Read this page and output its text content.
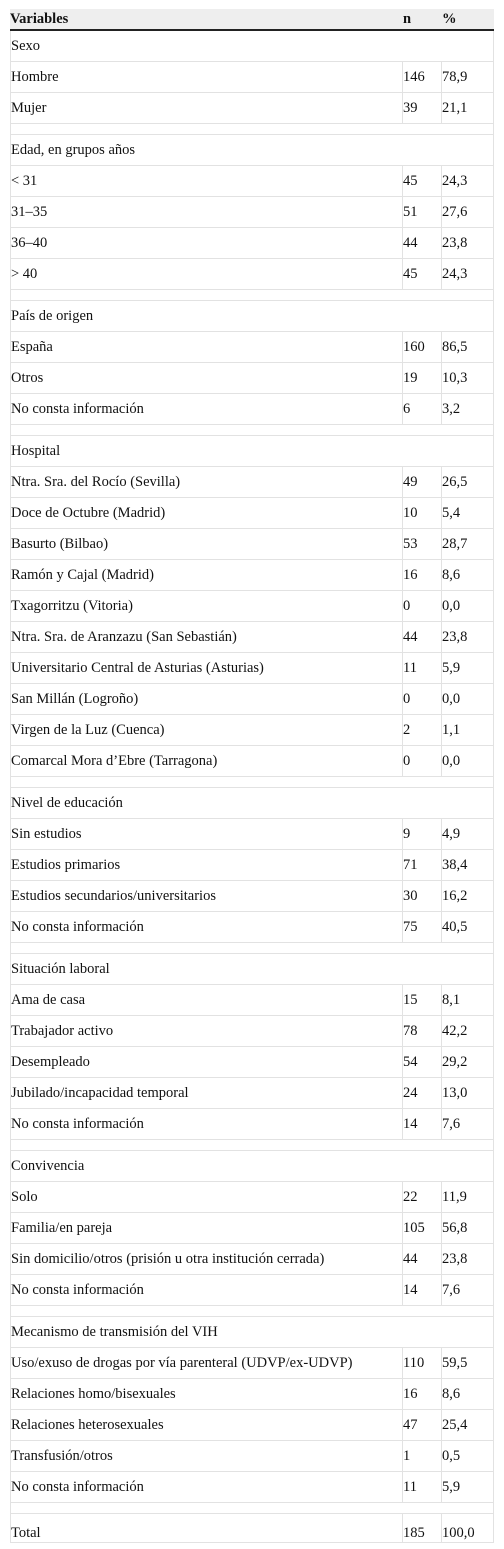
Variables	n	%
Sexo		
Hombre	146	78,9
Mujer	39	21,1

Edad, en grupos años		
< 31	45	24,3
31–35	51	27,6
36–40	44	23,8
> 40	45	24,3

País de origen		
España	160	86,5
Otros	19	10,3
No consta información	6	3,2

Hospital		
Ntra. Sra. del Rocío (Sevilla)	49	26,5
Doce de Octubre (Madrid)	10	5,4
Basurto (Bilbao)	53	28,7
Ramón y Cajal (Madrid)	16	8,6
Txagorritzu (Vitoria)	0	0,0
Ntra. Sra. de Aranzazu (San Sebastián)	44	23,8
Universitario Central de Asturias (Asturias)	11	5,9
San Millán (Logroño)	0	0,0
Virgen de la Luz (Cuenca)	2	1,1
Comarcal Mora d’Ebre (Tarragona)	0	0,0

Nivel de educación		
Sin estudios	9	4,9
Estudios primarios	71	38,4
Estudios secundarios/universitarios	30	16,2
No consta información	75	40,5

Situación laboral		
Ama de casa	15	8,1
Trabajador activo	78	42,2
Desempleado	54	29,2
Jubilado/incapacidad temporal	24	13,0
No consta información	14	7,6

Convivencia		
Solo	22	11,9
Familia/en pareja	105	56,8
Sin domicilio/otros (prisión u otra institución cerrada)	44	23,8
No consta información	14	7,6

Mecanismo de transmisión del VIH		
Uso/exuso de drogas por vía parenteral (UDVP/ex-UDVP)	110	59,5
Relaciones homo/bisexuales	16	8,6
Relaciones heterosexuales	47	25,4
Transfusión/otros	1	0,5
No consta información	11	5,9

Total	185	100,0
